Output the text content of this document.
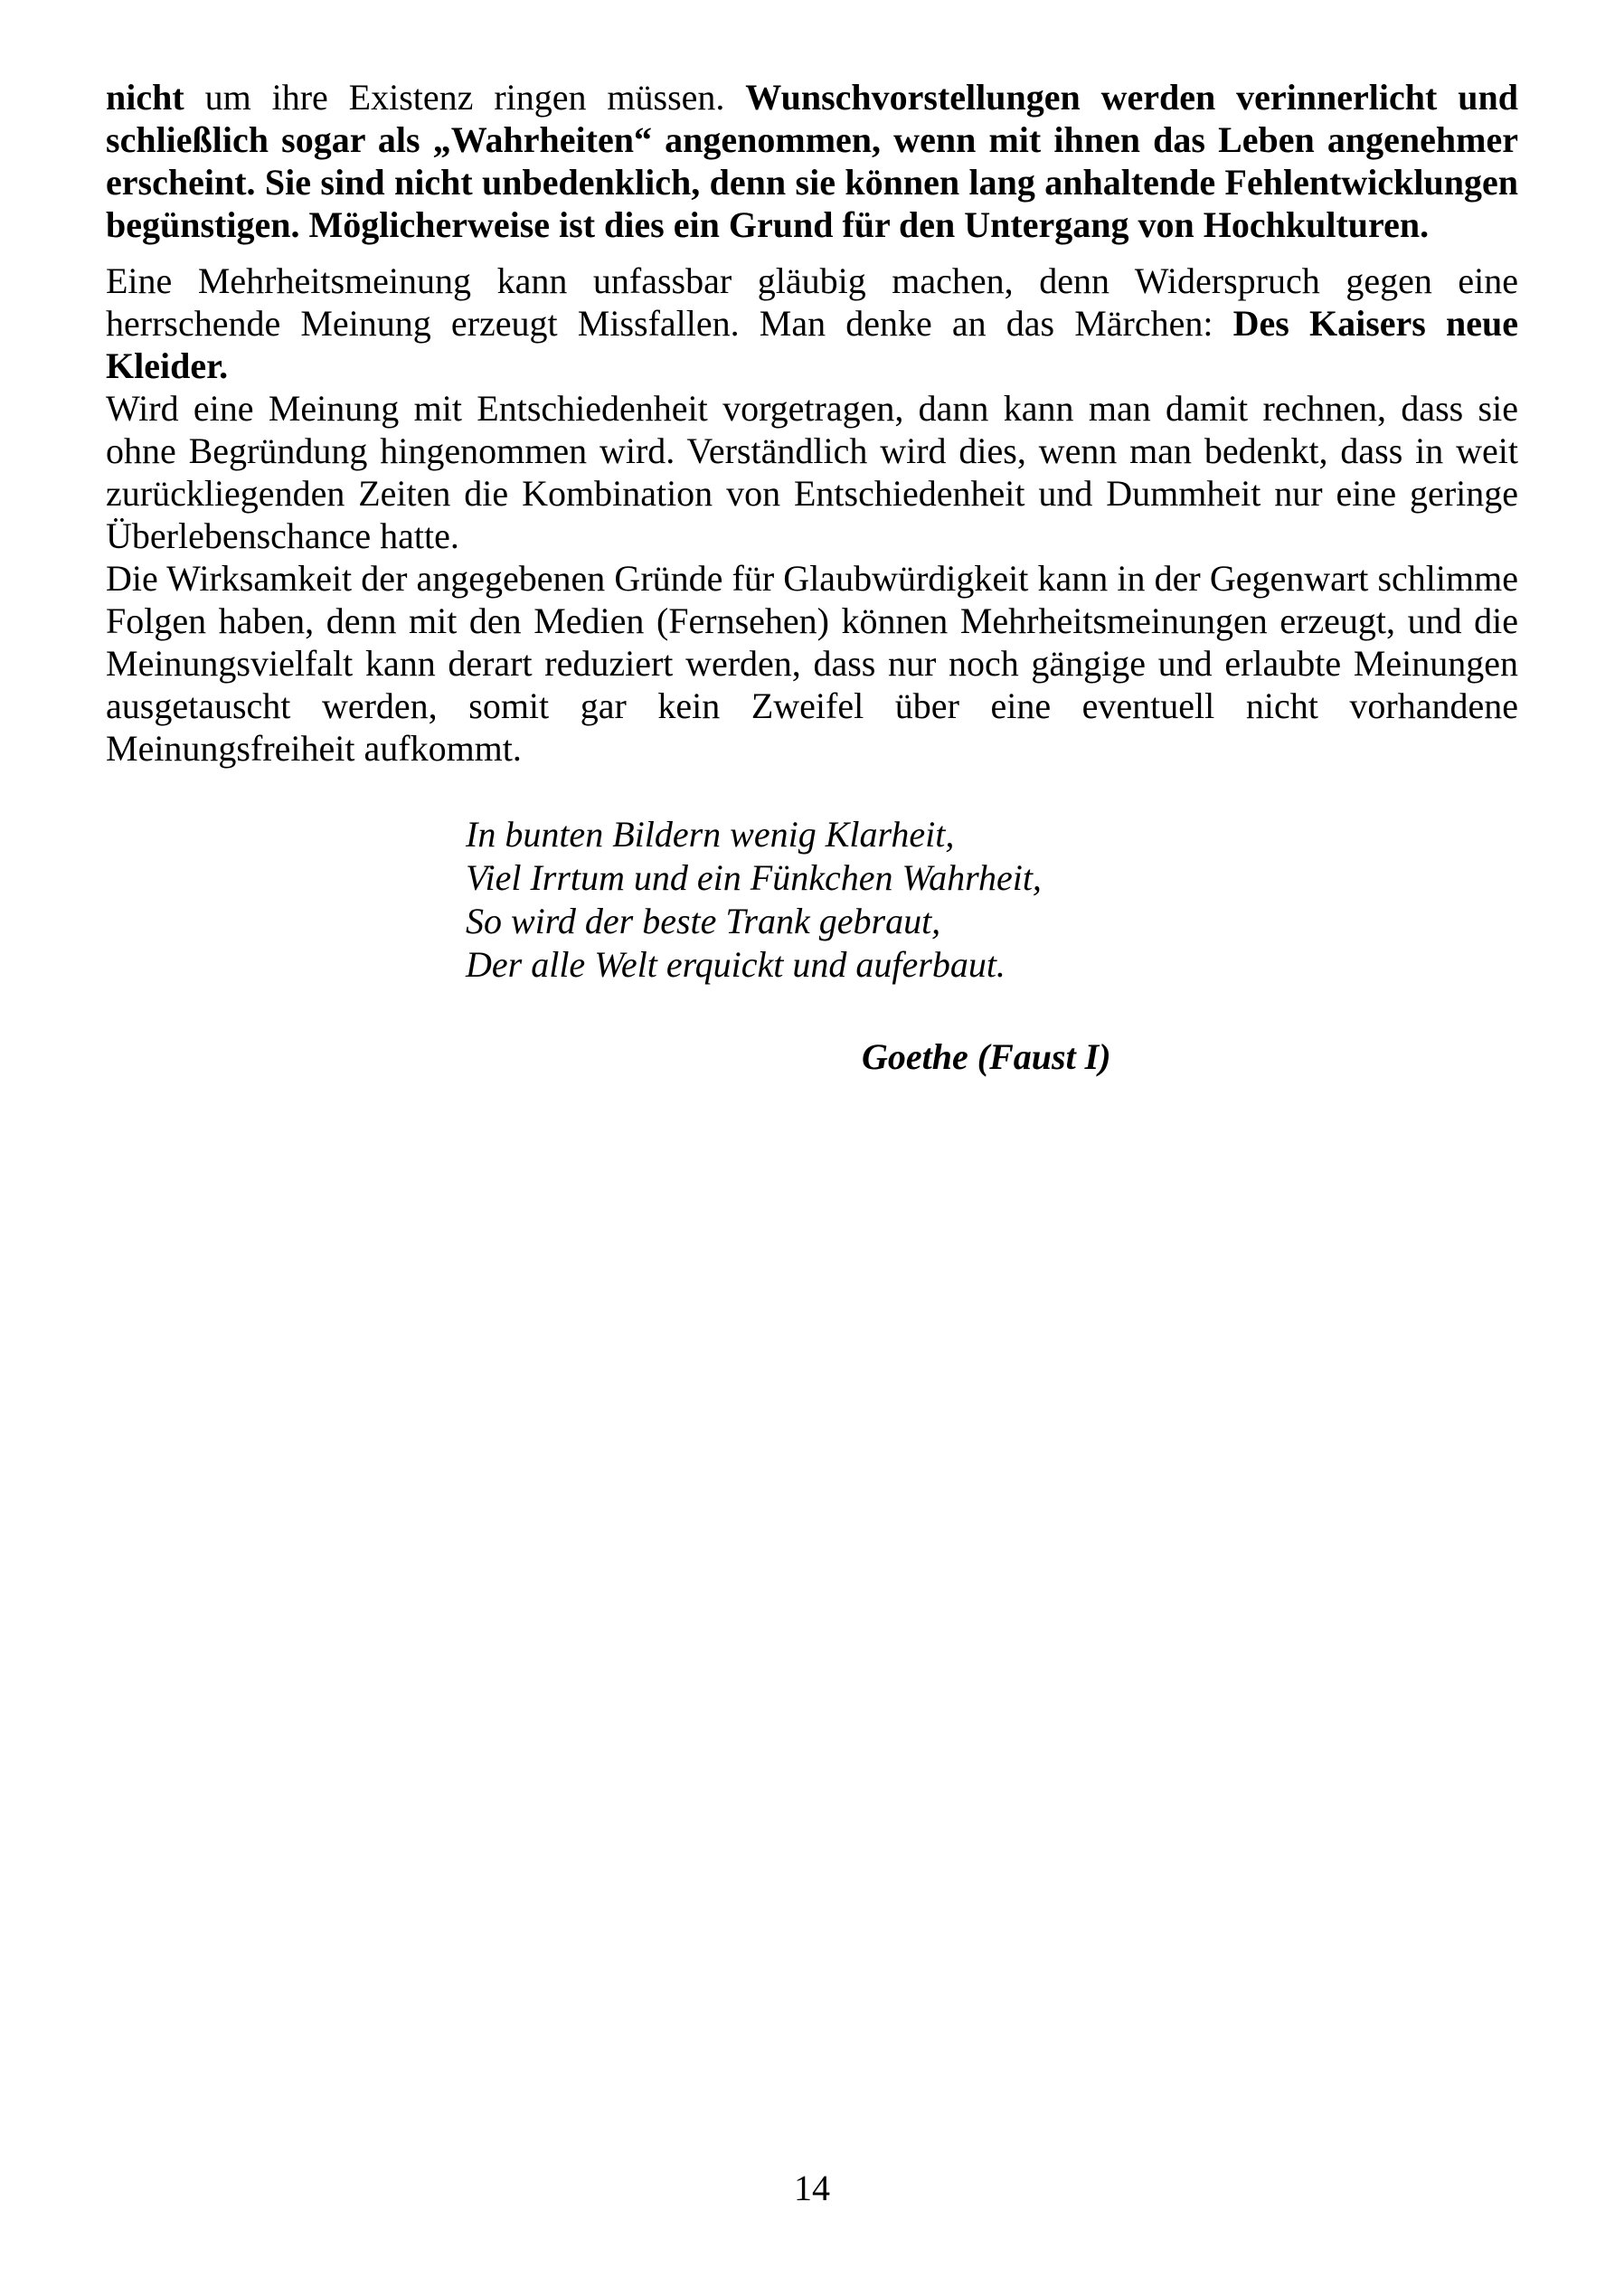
nicht um ihre Existenz ringen müssen. Wunschvorstellungen werden verinnerlicht und schließlich sogar als „Wahrheiten“ angenommen, wenn mit ihnen das Leben angenehmer erscheint. Sie sind nicht unbedenklich, denn sie können lang anhaltende Fehlentwicklungen begünstigen. Möglicherweise ist dies ein Grund für den Untergang von Hochkulturen.

Eine Mehrheitsmeinung kann unfassbar gläubig machen, denn Widerspruch gegen eine herrschende Meinung erzeugt Missfallen. Man denke an das Märchen: Des Kaisers neue Kleider.

Wird eine Meinung mit Entschiedenheit vorgetragen, dann kann man damit rechnen, dass sie ohne Begründung hingenommen wird. Verständlich wird dies, wenn man bedenkt, dass in weit zurückliegenden Zeiten die Kombination von Entschiedenheit und Dummheit nur eine geringe Überlebenschance hatte.

Die Wirksamkeit der angegebenen Gründe für Glaubwürdigkeit kann in der Gegenwart schlimme Folgen haben, denn mit den Medien (Fernsehen) können Mehrheitsmeinungen erzeugt, und die Meinungsvielfalt kann derart reduziert werden, dass nur noch gängige und erlaubte Meinungen ausgetauscht werden, somit gar kein Zweifel über eine eventuell nicht vorhandene Meinungsfreiheit aufkommt.

In bunten Bildern wenig Klarheit,
Viel Irrtum und ein Fünkchen Wahrheit,
So wird der beste Trank gebraut,
Der alle Welt erquickt und auferbaut.
Goethe (Faust I)
14
